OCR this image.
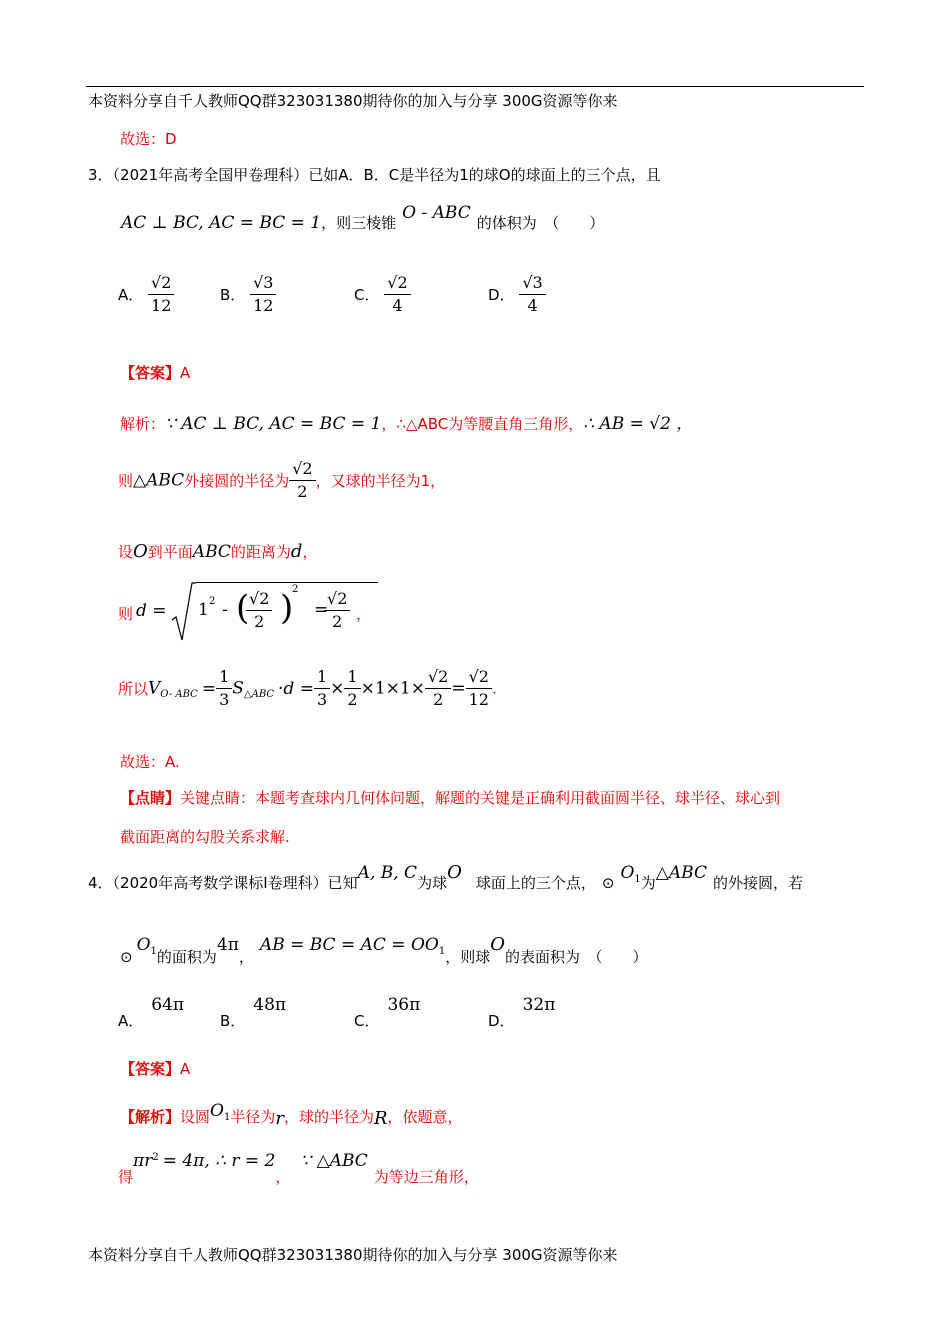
本资料分享自千人教师QQ群323031380期待你的加入与分享 300G资源等你来
故选：D
3．（2021年高考全国甲卷理科）已如A．B．C是半径为1的球O的球面上的三个点，且
AC ⊥ BC, AC = BC = 1，则三棱锥 O - ABC 的体积为　（　　）
A． $\frac{√2}{12}$	B． $\frac{√3}{12}$	C． $\frac{√2}{4}$	D． $\frac{√3}{4}$
【答案】A
解析：∵ AC ⊥ BC, AC = BC = 1，∴△ABC为等腰直角三角形，∴ AB = √2 ，
则△ABC外接圆的半径为 $\frac{√2}{2}$ ，又球的半径为1，
设O到平面ABC的距离为d，
则 d = 1 2 - (
$\frac{√2}{2}$ )
2
=
$\frac{√2}{2}$ ，
所以$V_{O- ABC} = \frac{1}{3} S_{\triangle ABC} \cdot d = \frac{1}{3} \times \frac{1}{2} \times 1\times 1\times \frac{√2}{2} = \frac{√2}{12}$ .
故选：A.
【点睛】关键点睛：本题考查球内几何体问题，解题的关键是正确利用截面圆半径、球半径、球心到
截面距离的勾股关系求解.
4．（2020年高考数学课标Ⅰ卷理科）已知A, B, C为球O 球面上的三个点， ⊙ $O_1$为△ABC 的外接圆，若
$⊙O_1$的面积为4π，AB = BC = AC = $OO_1$，则球O的表面积为　（　　）
A．64π
B．48π
C．36π
D．32π
【答案】A
【解析】设圆$O_1$半径为r，球的半径为R，依题意，
得$\pi r^2 = 4\pi$, ∴ r = 2，∵ △ABC为等边三角形，
本资料分享自千人教师QQ群323031380期待你的加入与分享 300G资源等你来
